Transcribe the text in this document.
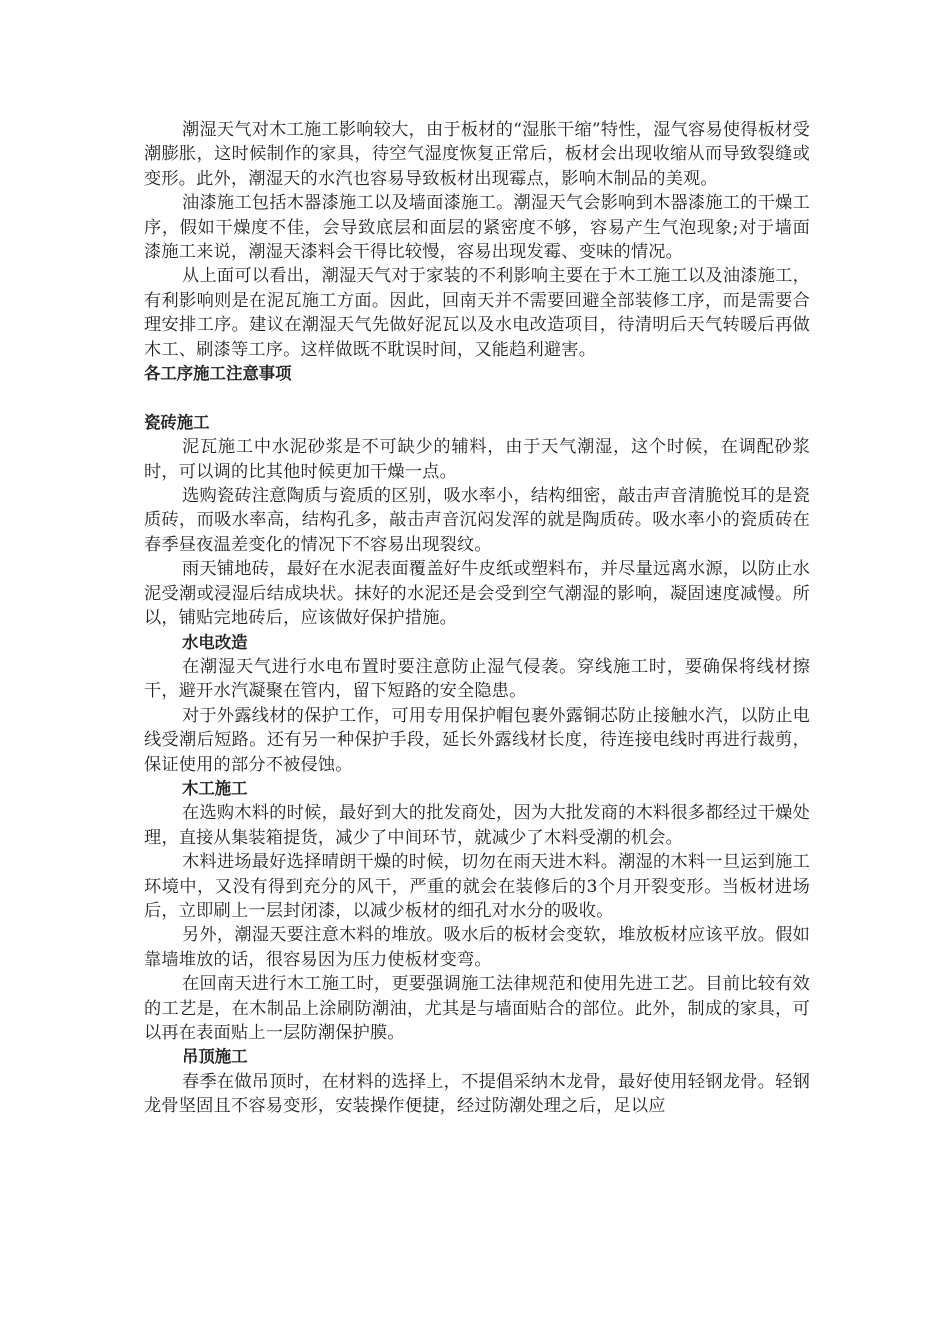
潮湿天气对木工施工影响较大，由于板材的“湿胀干缩”特性，湿气容易使得板材受潮膨胀，这时候制作的家具，待空气湿度恢复正常后，板材会出现收缩从而导致裂缝或变形。此外，潮湿天的水汽也容易导致板材出现霉点，影响木制品的美观。

油漆施工包括木器漆施工以及墙面漆施工。潮湿天气会影响到木器漆施工的干燥工序，假如干燥度不佳，会导致底层和面层的紧密度不够，容易产生气泡现象;对于墙面漆施工来说，潮湿天漆料会干得比较慢，容易出现发霉、变味的情况。

从上面可以看出，潮湿天气对于家装的不利影响主要在于木工施工以及油漆施工，有利影响则是在泥瓦施工方面。因此，回南天并不需要回避全部装修工序，而是需要合理安排工序。建议在潮湿天气先做好泥瓦以及水电改造项目，待清明后天气转暖后再做木工、刷漆等工序。这样做既不耽误时间，又能趋利避害。

各工序施工注意事项

瓷砖施工

泥瓦施工中水泥砂浆是不可缺少的辅料，由于天气潮湿，这个时候，在调配砂浆时，可以调的比其他时候更加干燥一点。

选购瓷砖注意陶质与瓷质的区别，吸水率小，结构细密，敲击声音清脆悦耳的是瓷质砖，而吸水率高，结构孔多，敲击声音沉闷发浑的就是陶质砖。吸水率小的瓷质砖在春季昼夜温差变化的情况下不容易出现裂纹。

雨天铺地砖，最好在水泥表面覆盖好牛皮纸或塑料布，并尽量远离水源，以防止水泥受潮或浸湿后结成块状。抹好的水泥还是会受到空气潮湿的影响，凝固速度减慢。所以，铺贴完地砖后，应该做好保护措施。

水电改造

在潮湿天气进行水电布置时要注意防止湿气侵袭。穿线施工时，要确保将线材擦干，避开水汽凝聚在管内，留下短路的安全隐患。

对于外露线材的保护工作，可用专用保护帽包裹外露铜芯防止接触水汽，以防止电线受潮后短路。还有另一种保护手段，延长外露线材长度，待连接电线时再进行裁剪，保证使用的部分不被侵蚀。

木工施工

在选购木料的时候，最好到大的批发商处，因为大批发商的木料很多都经过干燥处理，直接从集装箱提货，减少了中间环节，就减少了木料受潮的机会。

木料进场最好选择晴朗干燥的时候，切勿在雨天进木料。潮湿的木料一旦运到施工环境中，又没有得到充分的风干，严重的就会在装修后的3个月开裂变形。当板材进场后，立即刷上一层封闭漆，以减少板材的细孔对水分的吸收。

另外，潮湿天要注意木料的堆放。吸水后的板材会变软，堆放板材应该平放。假如靠墙堆放的话，很容易因为压力使板材变弯。

在回南天进行木工施工时，更要强调施工法律规范和使用先进工艺。目前比较有效的工艺是，在木制品上涂刷防潮油，尤其是与墙面贴合的部位。此外，制成的家具，可以再在表面贴上一层防潮保护膜。

吊顶施工

春季在做吊顶时，在材料的选择上，不提倡采纳木龙骨，最好使用轻钢龙骨。轻钢龙骨坚固且不容易变形，安装操作便捷，经过防潮处理之后，足以应
